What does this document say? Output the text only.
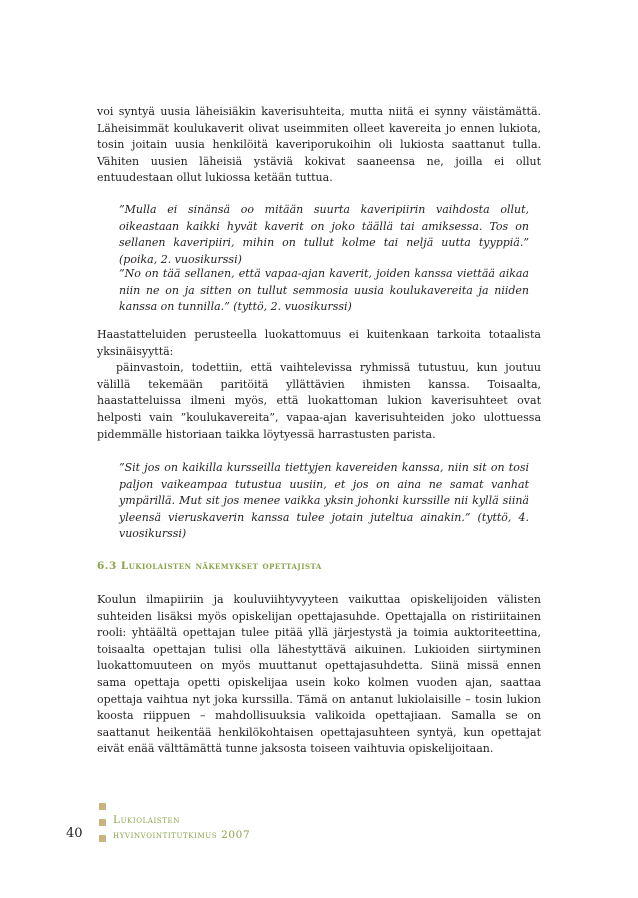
voi syntyä uusia läheisiäkin kaverisuhteita, mutta niitä ei synny väistämättä. Läheisimmät koulukaverit olivat useimmiten olleet kavereita jo ennen lukiota, tosin joitain uusia henkilöitä kaveriporukoihin oli lukiosta saattanut tulla. Vähiten uusien läheisiä ystäviä kokivat saaneensa ne, joilla ei ollut entuudestaan ollut lukiossa ketään tuttua.

”Mulla ei sinänsä oo mitään suurta kaveripiirin vaihdosta ollut, oikeastaan kaikki hyvät kaverit on joko täällä tai amiksessa. Tos on sellanen kaveripiiri, mihin on tullut kolme tai neljä uutta tyyppiä.” (poika, 2. vuosikurssi)

”No on tää sellanen, että vapaa-ajan kaverit, joiden kanssa viettää aikaa niin ne on ja sitten on tullut semmosia uusia koulukavereita ja niiden kanssa on tunnilla.” (tyttö, 2. vuosikurssi)

Haastatteluiden perusteella luokattomuus ei kuitenkaan tarkoita totaalista yksinäisyyttä:

päinvastoin, todettiin, että vaihtelevissa ryhmissä tutustuu, kun joutuu välillä tekemään paritöitä yllättävien ihmisten kanssa. Toisaalta, haastatteluissa ilmeni myös, että luokattoman lukion kaverisuhteet ovat helposti vain ”koulukavereita”, vapaa-ajan kaverisuhteiden joko ulottuessa pidemmälle historiaan taikka löytyessä harrastusten parista.

”Sit jos on kaikilla kursseilla tiettyjen kavereiden kanssa, niin sit on tosi paljon vaikeampaa tutustua uusiin, et jos on aina ne samat vanhat ympärillä. Mut sit jos menee vaikka yksin johonki kurssille nii kyllä siinä yleensä vieruskaverin kanssa tulee jotain juteltua ainakin.” (tyttö, 4. vuosikurssi)

6.3 Lukiolaisten näkemykset opettajista

Koulun ilmapiiriin ja kouluviihtyvyyteen vaikuttaa opiskelijoiden välisten suhteiden lisäksi myös opiskelijan opettajasuhde. Opettajalla on ristiriitainen rooli: yhtäältä opettajan tulee pitää yllä järjestystä ja toimia auktoriteettina, toisaalta opettajan tulisi olla lähestyttävä aikuinen. Lukioiden siirtyminen luokattomuuteen on myös muuttanut opettajasuhdetta. Siinä missä ennen sama opettaja opetti opiskelijaa usein koko kolmen vuoden ajan, saattaa opettaja vaihtua nyt joka kurssilla. Tämä on antanut lukiolaisille – tosin lukion koosta riippuen – mahdollisuuksia valikoida opettajiaan. Samalla se on saattanut heikentää henkilökohtaisen opettajasuhteen syntyä, kun opettajat eivät enää välttämättä tunne jaksosta toiseen vaihtuvia opiskelijoitaan.

Lukiolaisten
hyvinvointitutkimus 2007
40
